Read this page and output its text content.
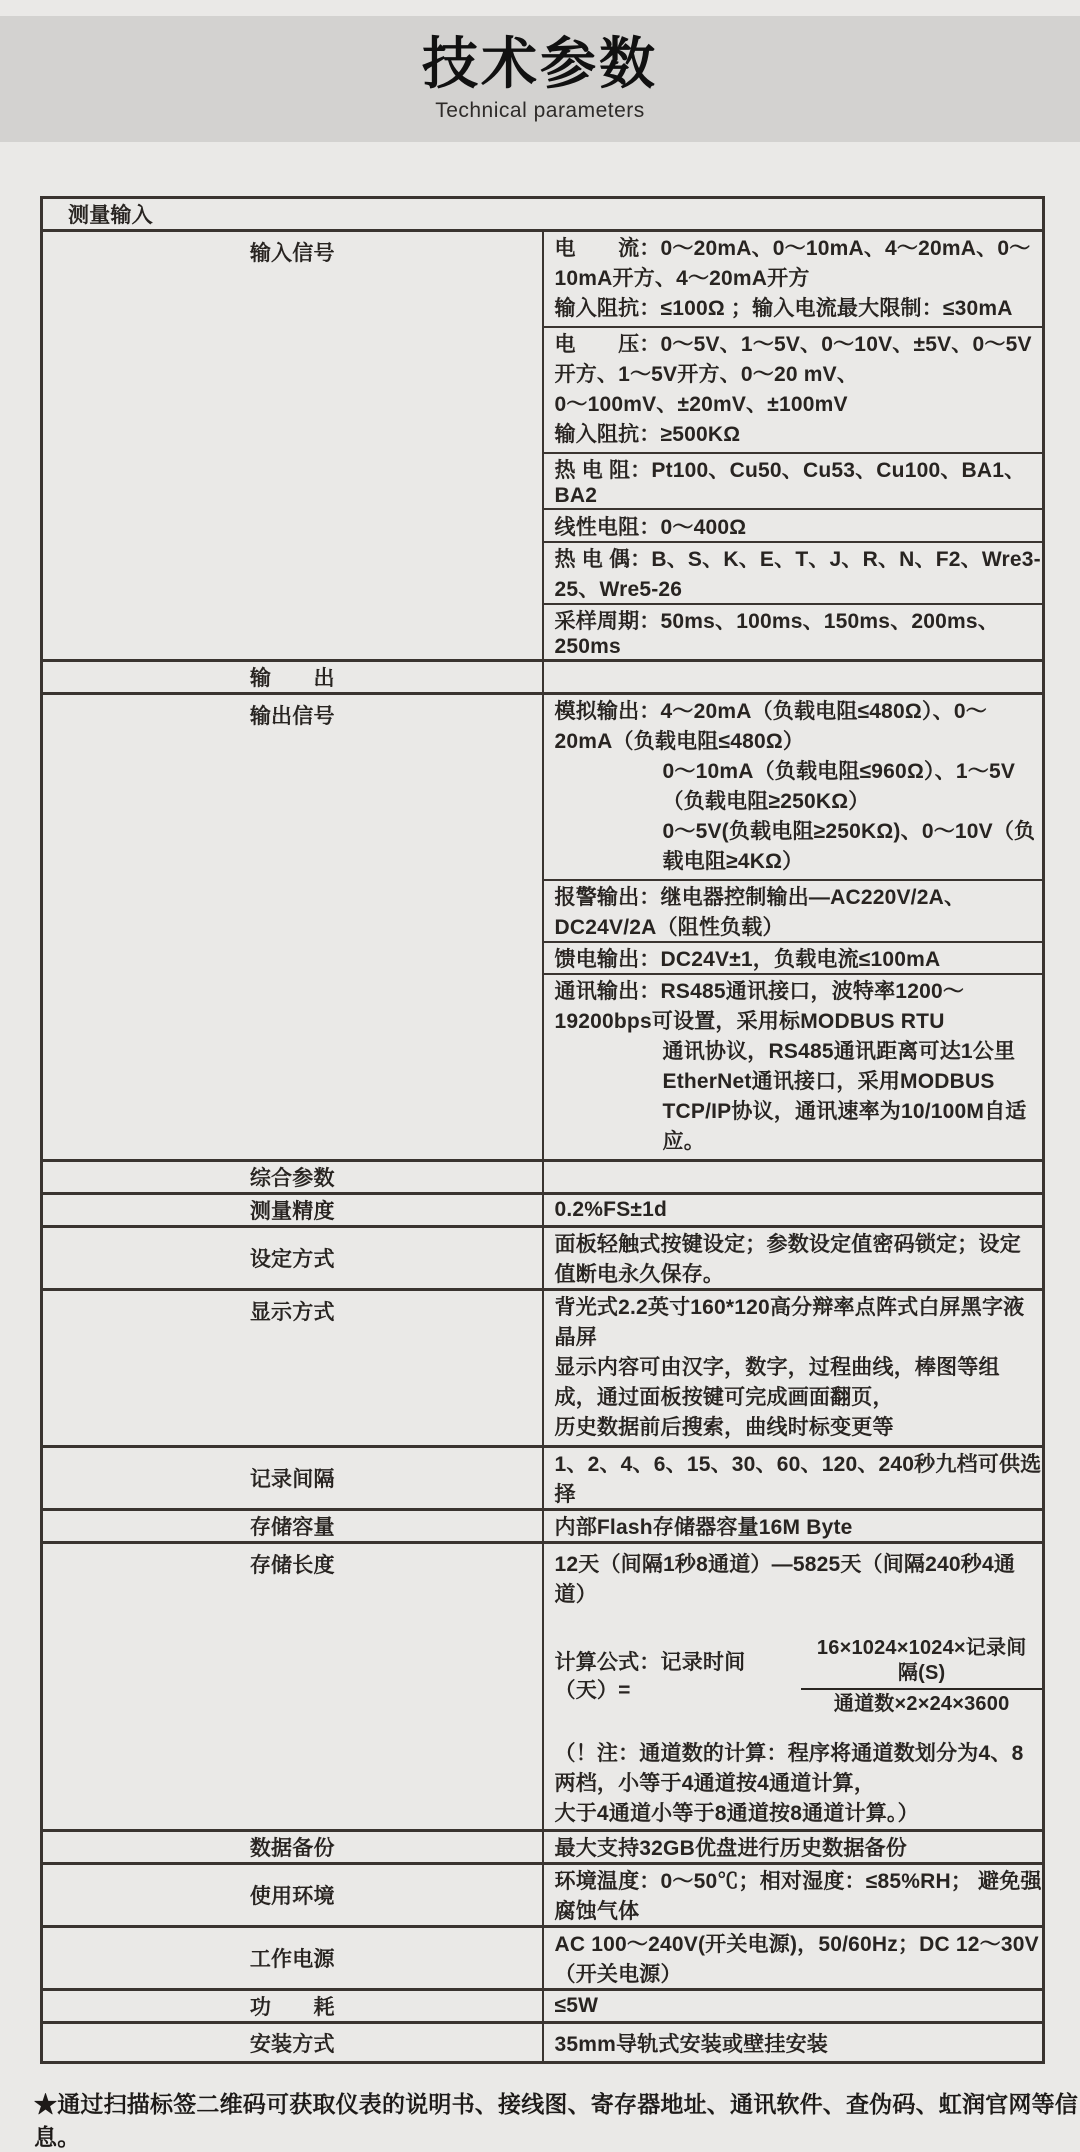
技术参数
Technical parameters
测量输入	
输入信号	电　　流：0～20mA、0～10mA、4～20mA、0～10mA开方、4～20mA开方
输入阻抗：≤100Ω ；输入电流最大限制：≤30mA

	电　　压：0～5V、1～5V、0～10V、±5V、0～5V开方、1～5V开方、0～20 mV、
0～100mV、±20mV、±100mV
输入阻抗：≥500KΩ

	热 电 阻：Pt100、Cu50、Cu53、Cu100、BA1、BA2
	线性电阻：0～400Ω
	热 电 偶：B、S、K、E、T、J、R、N、F2、Wre3-25、Wre5-26
	采样周期：50ms、100ms、150ms、200ms、250ms
输　　出	
输出信号	模拟输出：4～20mA（负载电阻≤480Ω）、0～20mA（负载电阻≤480Ω）
0～10mA（负载电阻≤960Ω）、1～5V（负载电阻≥250KΩ）
0～5V(负载电阻≥250KΩ)、0～10V（负载电阻≥4KΩ）

	报警输出：继电器控制输出—AC220V/2A、DC24V/2A（阻性负载）
	馈电输出：DC24V±1，负载电流≤100mA

	通讯输出：RS485通讯接口，波特率1200～19200bps可设置，采用标MODBUS RTU
通讯协议，RS485通讯距离可达1公里
EtherNet通讯接口，采用MODBUS TCP/IP协议，通讯速率为10/100M自适应。

综合参数	
测量精度	0.2%FS±1d
设定方式	面板轻触式按键设定；参数设定值密码锁定；设定值断电永久保存。
显示方式	背光式2.2英寸160*120高分辩率点阵式白屏黑字液晶屏
显示内容可由汉字，数字，过程曲线，棒图等组成，通过面板按键可完成画面翻页，
历史数据前后搜索，曲线时标变更等

记录间隔	1、2、4、6、15、30、60、120、240秒九档可供选择
存储容量	内部Flash存储器容量16M Byte
存储长度	12天（间隔1秒8通道）—5825天（间隔240秒4通道）
计算公式：记录时间（天）=	$\frac{\text{16×1024×1024×记录间隔(S)}}{\text{通道数×2×24×3600}}$
（！注：通道数的计算：程序将通道数划分为4、8两档，小等于4通道按4通道计算，
大于4通道小等于8通道按8通道计算。）

数据备份	最大支持32GB优盘进行历史数据备份
使用环境	环境温度：0～50℃；相对湿度：≤85%RH； 避免强腐蚀气体
工作电源	AC 100～240V(开关电源)，50/60Hz；DC 12～30V（开关电源）
功　　耗	≤5W
安装方式	35mm导轨式安装或壁挂安装
★通过扫描标签二维码可获取仪表的说明书、接线图、寄存器地址、通讯软件、查伪码、虹润官网等信息。
